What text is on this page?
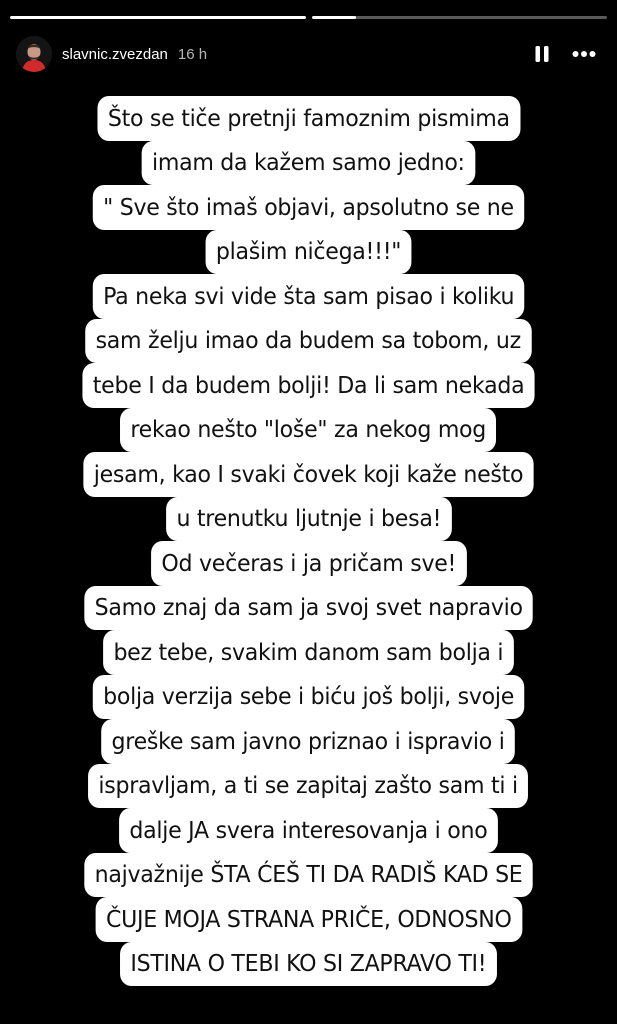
slavnic.zvezdan 16 h
Što se tiče pretnji famoznim pismima
imam da kažem samo jedno:
" Sve što imaš objavi, apsolutno se ne
plašim ničega!!!"
Pa neka svi vide šta sam pisao i koliku
sam želju imao da budem sa tobom, uz
tebe I da budem bolji! Da li sam nekada
rekao nešto "loše" za nekog mog
jesam, kao I svaki čovek koji kaže nešto
u trenutku ljutnje i besa!
Od večeras i ja pričam sve!
Samo znaj da sam ja svoj svet napravio
bez tebe, svakim danom sam bolja i
bolja verzija sebe i biću još bolji, svoje
greške sam javno priznao i ispravio i
ispravljam, a ti se zapitaj zašto sam ti i
dalje JA svera interesovanja i ono
najvažnije ŠTA ĆEŠ TI DA RADIŠ KAD SE
ČUJE MOJA STRANA PRIČE, ODNOSNO
ISTINA O TEBI KO SI ZAPRAVO TI!
